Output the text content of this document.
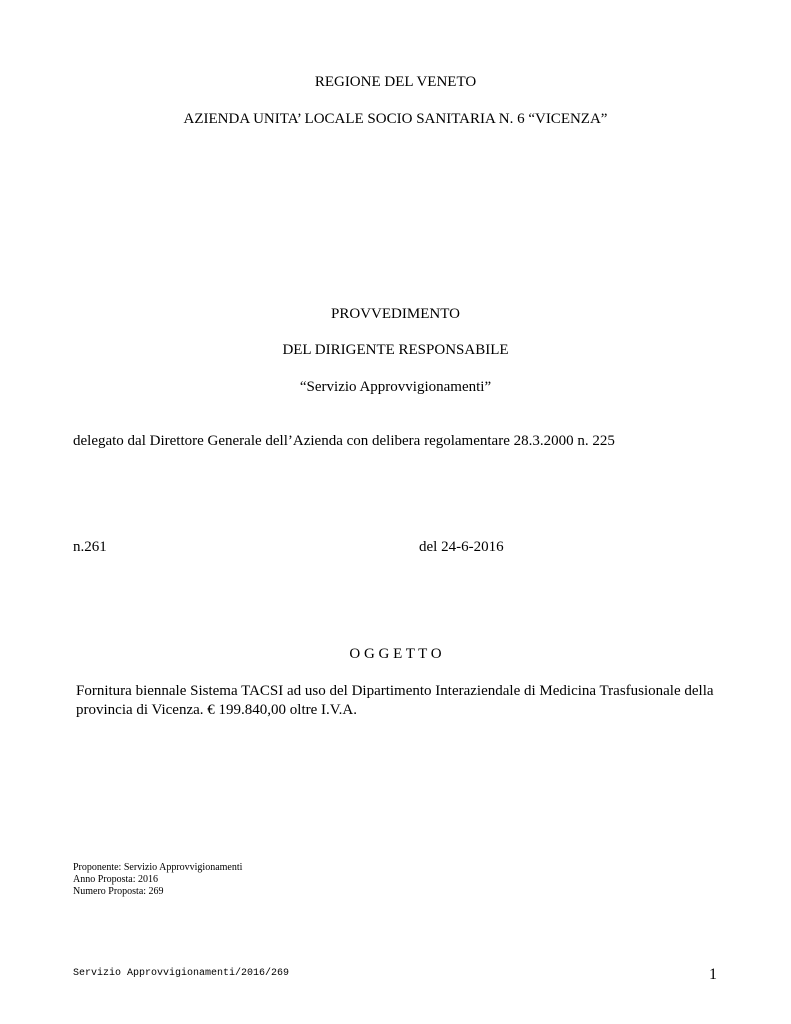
REGIONE DEL VENETO
AZIENDA UNITA’ LOCALE SOCIO SANITARIA N. 6 “VICENZA”
PROVVEDIMENTO
DEL DIRIGENTE RESPONSABILE
“Servizio Approvvigionamenti”
delegato dal Direttore Generale dell’Azienda con delibera regolamentare 28.3.2000 n. 225
n.261	del 24-6-2016
O G G E T T O
Fornitura biennale Sistema TACSI ad uso del Dipartimento Interaziendale di Medicina Trasfusionale della provincia di Vicenza. € 199.840,00 oltre I.V.A.
Proponente: Servizio Approvvigionamenti
Anno Proposta: 2016
Numero Proposta: 269
Servizio Approvvigionamenti/2016/269	1
